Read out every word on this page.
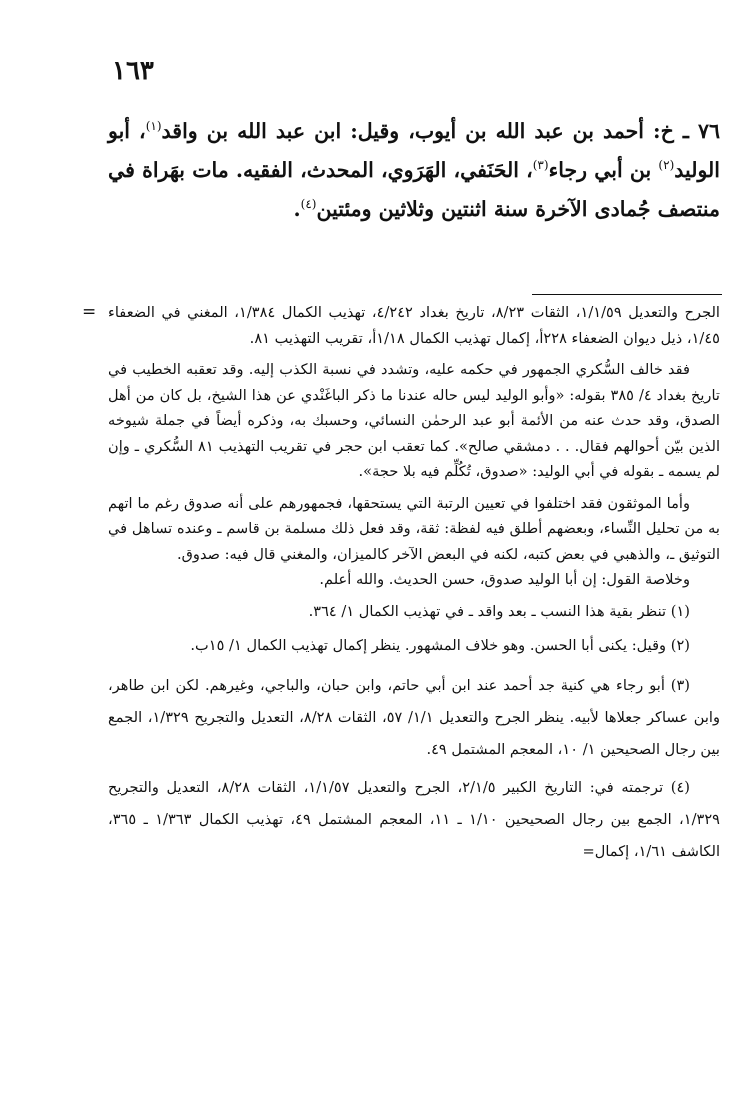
١٦٣
٧٦ ـ خ: أحمد بن عبد الله بن أيوب، وقيل: ابن عبد الله بن واقد$^{(١)}$، أبو الوليد$^{(٢)}$ بن أبي رجاء$^{(٣)}$، الحَنَفي، الهَرَوي، المحدث، الفقيه. مات بهَراة في منتصف جُمادى الآخرة سنة اثنتين وثلاثين ومئتين$^{(٤)}$.
= الجرح والتعديل ١/١/٥٩، الثقات ٨/٢٣، تاريخ بغداد ٤/٢٤٢، تهذيب الكمال ١/٣٨٤، المغني في الضعفاء ١/٤٥، ذيل ديوان الضعفاء ٢٢٨أ، إكمال تهذيب الكمال ١/١٨أ، تقريب التهذيب ٨١.

فقد خالف السُّكري الجمهور في حكمه عليه، وتشدد في نسبة الكذب إليه. وقد تعقبه الخطيب في تاريخ بغداد ٤/ ٣٨٥ بقوله: «وأبو الوليد ليس حاله عندنا ما ذكر الباغَنْدي عن هذا الشيخ، بل كان من أهل الصدق، وقد حدث عنه من الأئمة أبو عبد الرحمٰن النسائي، وحسبك به، وذكره أيضاً في جملة شيوخه الذين بيّن أحوالهم فقال. . . دمشقي صالح». كما تعقب ابن حجر في تقريب التهذيب ٨١ السُّكري ـ وإن لم يسمه ـ بقوله في أبي الوليد: «صدوق، تُكُلِّم فيه بلا حجة».

وأما الموثقون فقد اختلفوا في تعيين الرتبة التي يستحقها، فجمهورهم على أنه صدوق رغم ما اتهم به من تحليل النِّساء، وبعضهم أطلق فيه لفظة: ثقة، وقد فعل ذلك مسلمة بن قاسم ـ وعنده تساهل في التوثيق ـ، والذهبي في بعض كتبه، لكنه في البعض الآخر كالميزان، والمغني قال فيه: صدوق.

وخلاصة القول: إن أبا الوليد صدوق، حسن الحديث. والله أعلم.

(١) تنظر بقية هذا النسب ـ بعد واقد ـ في تهذيب الكمال ١/ ٣٦٤.

(٢) وقيل: يكنى أبا الحسن. وهو خلاف المشهور. ينظر إكمال تهذيب الكمال ١/ ١٥ب.

(٣) أبو رجاء هي كنية جد أحمد عند ابن أبي حاتم، وابن حبان، والباجي، وغيرهم. لكن ابن طاهر، وابن عساكر جعلاها لأبيه. ينظر الجرح والتعديل ١/١/ ٥٧، الثقات ٨/٢٨، التعديل والتجريح ١/٣٢٩، الجمع بين رجال الصحيحين ١/ ١٠، المعجم المشتمل ٤٩.

(٤) ترجمته في: التاريخ الكبير ٢/١/٥، الجرح والتعديل ١/١/٥٧، الثقات ٨/٢٨، التعديل والتجريح ١/٣٢٩، الجمع بين رجال الصحيحين ١/١٠ ـ ١١، المعجم المشتمل ٤٩، تهذيب الكمال ١/٣٦٣ ـ ٣٦٥، الكاشف ١/٦١، إكمال=
